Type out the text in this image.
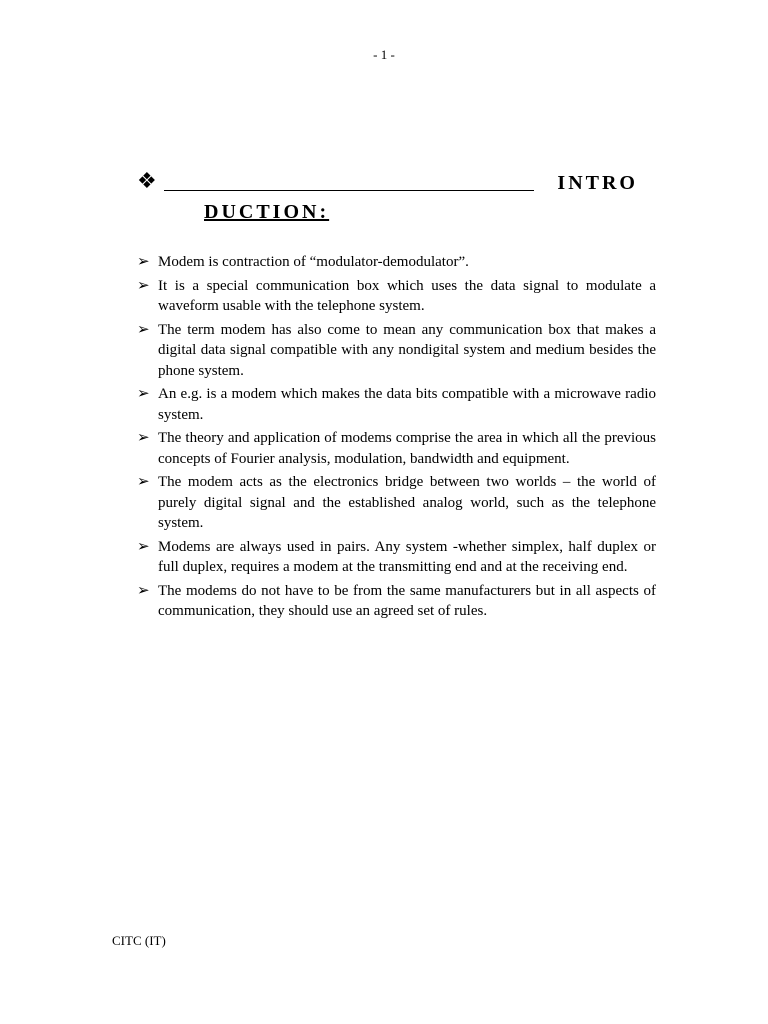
- 1 -
❖	INTRO
DUCTION:
➢ Modem is contraction of “modulator-demodulator”.
➢ It is a special communication box which uses the data signal to modulate a waveform usable with the telephone system.
➢ The term modem has also come to mean any communication box that makes a digital data signal compatible with any nondigital system and medium besides the phone system.
➢ An e.g. is a modem which makes the data bits compatible with a microwave radio system.
➢ The theory and application of modems comprise the area in which all the previous concepts of Fourier analysis, modulation, bandwidth and equipment.
➢ The modem acts as the electronics bridge between two worlds – the world of purely digital signal and the established analog world, such as the telephone system.
➢ Modems are always used in pairs. Any system -whether simplex, half duplex or full duplex, requires a modem at the transmitting end and at the receiving end.
➢ The modems do not have to be from the same manufacturers but in all aspects of communication, they should use an agreed set of rules.
CITC (IT)
